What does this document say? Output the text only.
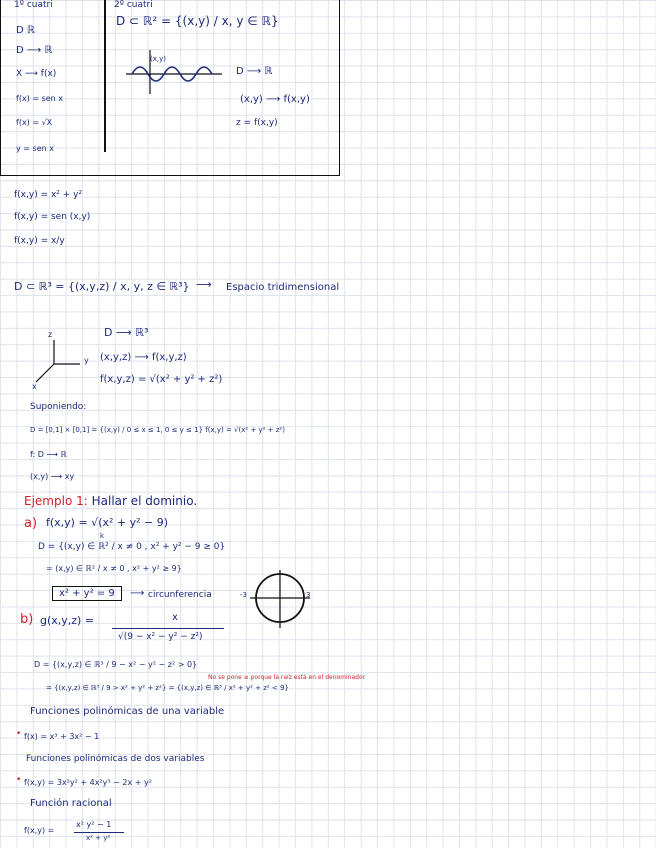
1º cuatri	2º cuatri
D ℝ
D ⟶ ℝ
X ⟶ f(x)
f(x) = sen x
f(x) = √X
y = sen x
D ⊂ ℝ² = {(x,y) / x, y ∈ ℝ}
(x,y)
D ⟶ ℝ
(x,y) ⟶ f(x,y)
z = f(x,y)
f(x,y) = x² + y²
f(x,y) = sen (x,y)
f(x,y) = x/y
D ⊂ ℝ³ = {(x,y,z) / x, y, z ∈ ℝ³} ⟶ Espacio tridimensional
z
y
x
D ⟶ ℝ³
(x,y,z) ⟶ f(x,y,z)
f(x,y,z) = √(x² + y² + z²)
Suponiendo:
D = [0,1] × [0,1] = {(x,y) / 0 ≤ x ≤ 1, 0 ≤ y ≤ 1} f(x,y) = √(x² + y² + z²)
f: D ⟶ ℝ
(x,y) ⟶ xy
Ejemplo 1: Hallar el dominio.
a) f(x,y) = √(x² + y² − 9)
k
D = {(x,y) ∈ ℝ² / x ≠ 0 , x² + y² − 9 ≥ 0}
= (x,y) ∈ ℝ² / x ≠ 0 , x² + y² ≥ 9}
x² + y² = 9	⟶ circunferencia	-3	3
b) g(x,y,z) =	x
√(9 − x² − y² − z²)
D = {(x,y,z) ∈ ℝ³ / 9 − x² − y² − z² > 0}
No se pone ≥ porque la raíz está en el denominador
= {(x,y,z) ∈ ℝ³ / 9 > x² + y² + z²} = {(x,y,z) ∈ ℝ³ / x² + y² + z² < 9}
Funciones polinómicas de una variable
• f(x) = x³ + 3x² − 1
Funciones polinómicas de dos variables
• f(x,y) = 3x²y² + 4x²y³ − 2x + y²
Función racional
f(x,y) =
x² y² − 1
x² + y²
